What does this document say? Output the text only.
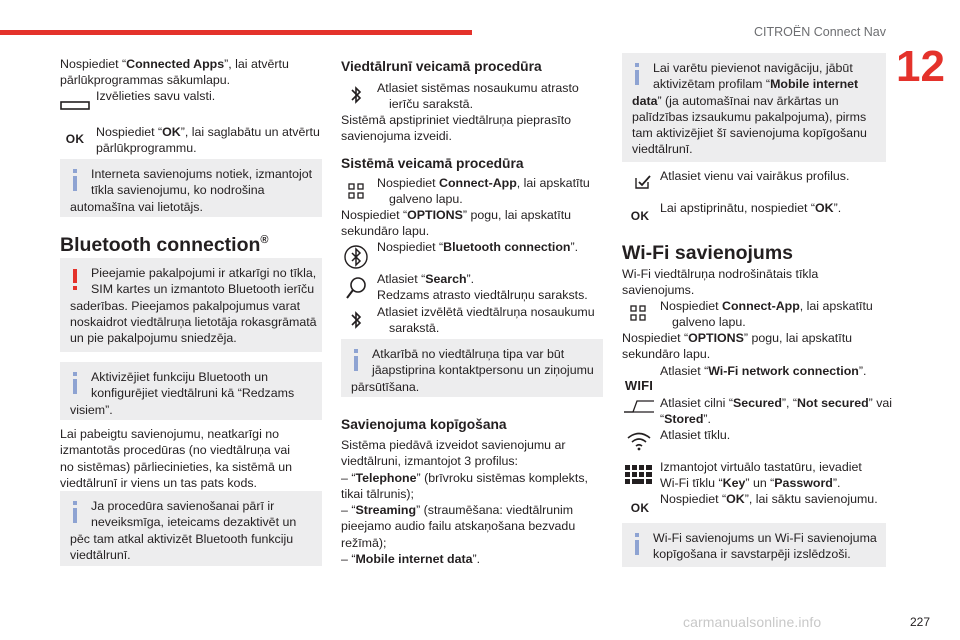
CITROËN Connect Nav
12

Nospiediet “Connected Apps”, lai atvērtu

pārlūkprogrammas sākumlapu.

Izvēlieties savu valsti.

OK Nospiediet “OK”, lai saglabātu un atvērtu

pārlūkprogrammu.

Interneta savienojums notiek, izmantojot

tīkla savienojumu, ko nodrošina

automašīna vai lietotājs.

Bluetooth connection®

Pieejamie pakalpojumi ir atkarīgi no tīkla,

SIM kartes un izmantoto Bluetooth ierīču

saderības. Pieejamos pakalpojumus varat

noskaidrot viedtālruņa lietotāja rokasgrāmatā

un pie pakalpojumu sniedzēja.

Aktivizējiet funkciju Bluetooth un

konfigurējiet viedtālruni kā “Redzams

visiem”.

Lai pabeigtu savienojumu, neatkarīgi no

izmantotās procedūras (no viedtālruņa vai

no sistēmas) pārliecinieties, ka sistēmā un

viedtālrunī ir viens un tas pats kods.

Ja procedūra savienošanai pārī ir

neveiksmīga, ieteicams dezaktivēt un

pēc tam atkal aktivizēt Bluetooth funkciju

viedtālrunī.

Viedtālrunī veicamā procedūra

Atlasiet sistēmas nosaukumu atrasto

ierīču sarakstā.

Sistēmā apstipriniet viedtālruņa pieprasīto

savienojuma izveidi.

Sistēmā veicamā procedūra

Nospiediet Connect-App, lai apskatītu

galveno lapu.

Nospiediet “OPTIONS” pogu, lai apskatītu

sekundāro lapu.

Nospiediet “Bluetooth connection”.

Atlasiet “Search”.

Redzams atrasto viedtālruņu saraksts.

Atlasiet izvēlētā viedtālruņa nosaukumu

sarakstā.

Atkarībā no viedtālruņa tipa var būt

jāapstiprina kontaktpersonu un ziņojumu

pārsūtīšana.

Savienojuma kopīgošana

Sistēma piedāvā izveidot savienojumu ar

viedtālruni, izmantojot 3 profilus:

– “Telephone” (brīvroku sistēmas komplekts,

tikai tālrunis);

– “Streaming” (straumēšana: viedtālrunim

pieejamo audio failu atskaņošana bezvadu

režīmā);

– “Mobile internet data”.

Lai varētu pievienot navigāciju, jābūt

aktivizētam profilam “Mobile internet

data” (ja automašīnai nav ārkārtas un

palīdzības izsaukumu pakalpojuma), pirms

tam aktivizējiet šī savienojuma kopīgošanu

viedtālrunī.

Atlasiet vienu vai vairākus profilus.

OK

Lai apstiprinātu, nospiediet “OK”.

Wi-Fi savienojums

Wi-Fi viedtālruņa nodrošinātais tīkla

savienojums.

Nospiediet Connect-App, lai apskatītu

galveno lapu.

Nospiediet “OPTIONS” pogu, lai apskatītu

sekundāro lapu.

WIFI

Atlasiet “Wi-Fi network connection”.

Atlasiet cilni “Secured”, “Not secured” vai

“Stored”.

Atlasiet tīklu.

Izmantojot virtuālo tastatūru, ievadiet

Wi-Fi tīklu “Key” un “Password”.

OK

Nospiediet “OK”, lai sāktu savienojumu.

Wi-Fi savienojums un Wi-Fi savienojuma

kopīgošana ir savstarpēji izslēdzoši.

carmanualsonline.info	227
